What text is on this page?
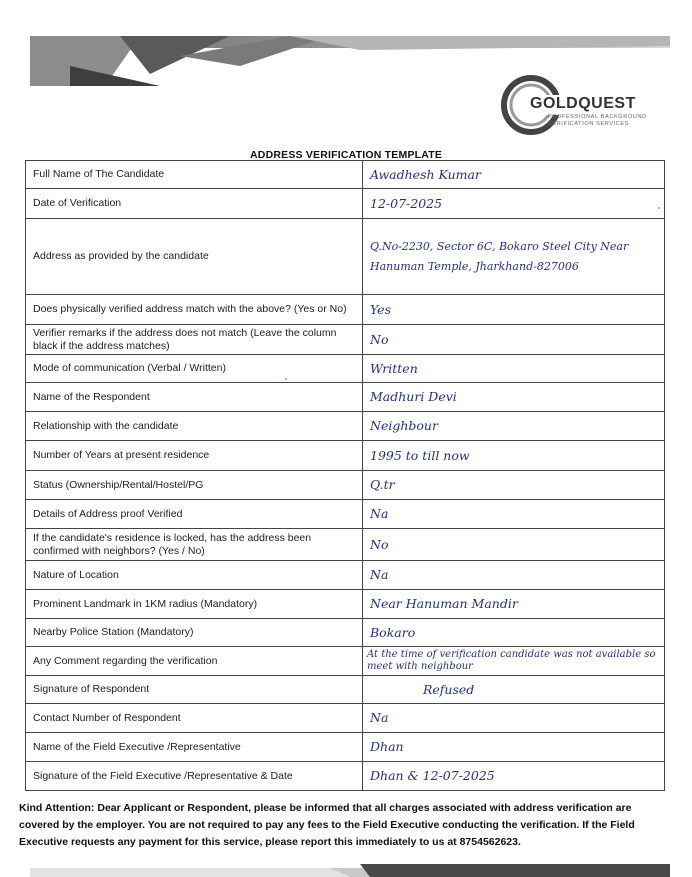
GOLDQUEST
PROFESSIONAL BACKGROUND
VERIFICATION SERVICES
ADDRESS VERIFICATION TEMPLATE
Full Name of The Candidate	Awadhesh Kumar
Date of Verification	12-07-2025
Address as provided by the candidate	Q.No-2230, Sector 6C, Bokaro Steel City Near Hanuman Temple, Jharkhand-827006
Does physically verified address match with the above? (Yes or No)	Yes
Verifier remarks if the address does not match (Leave the column black if the address matches)	No
Mode of communication (Verbal / Written)	Written
Name of the Respondent	Madhuri Devi
Relationship with the candidate	Neighbour
Number of Years at present residence	1995 to till now
Status (Ownership/Rental/Hostel/PG	Q.tr
Details of Address proof Verified	Na
If the candidate's residence is locked, has the address been confirmed with neighbors? (Yes / No)	No
Nature of Location	Na
Prominent Landmark in 1KM radius (Mandatory)	Near Hanuman Mandir
Nearby Police Station (Mandatory)	Bokaro
Any Comment regarding the verification	At the time of verification candidate was not available so meet with neighbour
Signature of Respondent	Refused
Contact Number of Respondent	Na
Name of the Field Executive /Representative	Dhan
Signature of the Field Executive /Representative & Date	Dhan & 12-07-2025
Kind Attention: Dear Applicant or Respondent, please be informed that all charges associated with address verification are covered by the employer. You are not required to pay any fees to the Field Executive conducting the verification. If the Field Executive requests any payment for this service, please report this immediately to us at 8754562623.
